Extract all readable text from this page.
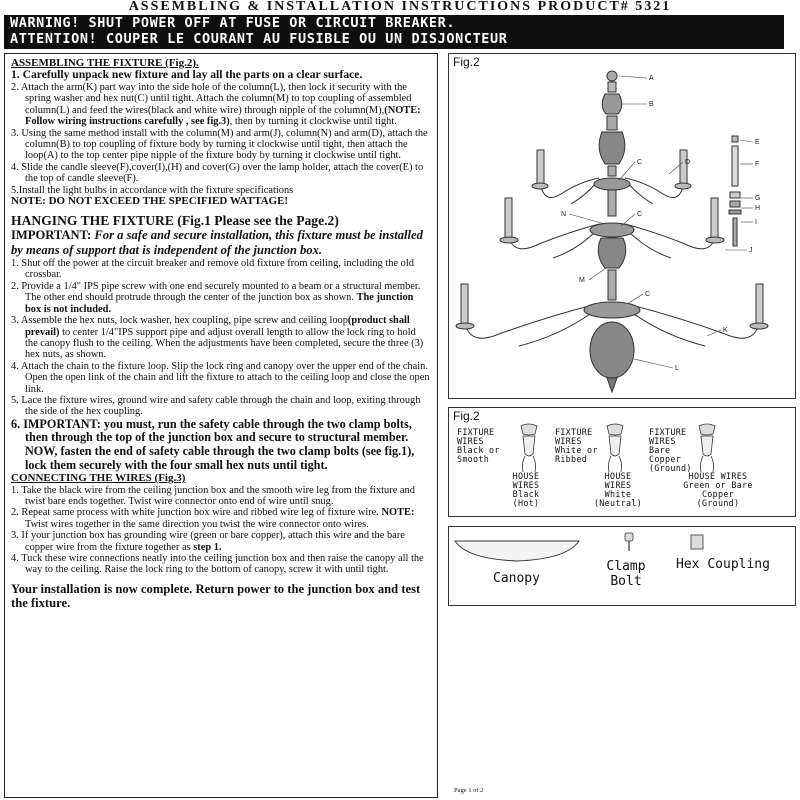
ASSEMBLING & INSTALLATION INSTRUCTIONS PRODUCT# 5321
WARNING! SHUT POWER OFF AT FUSE OR CIRCUIT BREAKER.
ATTENTION! COUPER LE COURANT AU FUSIBLE OU UN DISJONCTEUR

ASSEMBLING THE FIXTURE (Fig.2).

1. Carefully unpack new fixture and lay all the parts on a clear surface.

2. Attach the arm(K) part way into the side hole of the column(L), then lock it security with the spring washer and hex nut(C) until tight. Attach the column(M) to top coupling of assembled column(L) and feed the wires(black and white wire) through nipple of the column(M),(NOTE: Follow wiring instructions carefully , see fig.3), then by turning it clockwise until tight.

3. Using the same method install with the column(M) and arm(J), column(N) and arm(D), attach the column(B) to top coupling of fixture body by turning it clockwise until tight, then attach the loop(A) to the top center pipe nipple of the fixture body by turning it clockwise until tight.

4. Slide the candle sleeve(F),cover(I),(H) and cover(G) over the lamp holder, attach the cover(E) to the top of candle sleeve(F).

5.Install the light bulbs in accordance with the fixture specifications

NOTE: DO NOT EXCEED THE SPECIFIED WATTAGE!

HANGING THE FIXTURE (Fig.1 Please see the Page.2)

IMPORTANT: For a safe and secure installation, this fixture must be installed by means of support that is independent of the junction box.

1. Shut off the power at the circuit breaker and remove old fixture from ceiling, including the old crossbar.

2. Provide a 1/4" IPS pipe screw with one end securely mounted to a beam or a structural member. The other end should protrude through the center of the junction box as shown. The junction box is not included.

3. Assemble the hex nuts, lock washer, hex coupling, pipe screw and ceiling loop(product shall prevail) to center 1/4"IPS support pipe and adjust overall length to allow the lock ring to hold the canopy flush to the ceiling. When the adjustments have been completed, secure the three (3) hex nuts, as shown.

4. Attach the chain to the fixture loop. Slip the lock ring and canopy over the upper end of the chain. Open the open link of the chain and lift the fixture to attach to the ceiling loop and close the open link.

5. Lace the fixture wires, ground wire and safety cable through the chain and loop, exiting through the side of the hex coupling.

6. IMPORTANT: you must, run the safety cable through the two clamp bolts, then through the top of the junction box and secure to structural member. NOW, fasten the end of safety cable through the two clamp bolts (see fig.1), lock them securely with the four small hex nuts until tight.

CONNECTING THE WIRES (Fig.3)

1. Take the black wire from the ceiling junction box and the smooth wire leg from the fixture and twist bare ends together. Twist wire connector onto end of wire until snug.

2. Repeat same process with white junction box wire and ribbed wire leg of fixture wire. NOTE: Twist wires together in the same direction you twist the wire connector onto wires.

3. If your junction box has grounding wire (green or bare copper), attach this wire and the bare copper wire from the fixture together as step 1.

4. Tuck these wire connections neatly into the ceiling junction box and then raise the canopy all the way to the ceiling. Raise the lock ring to the bottom of canopy, screw it with until tight.

Your installation is now complete. Return power to the junction box and test the fixture.

Fig.2
A
B
E
F
C	D
G
H
I
N	C
J
M
C
K
L
Fig.2
FIXTURE WIRES Black or Smooth
HOUSE WIRES Black (Hot)
FIXTURE WIRES White or Ribbed
HOUSE WIRES White (Neutral)
FIXTURE WIRES Bare Copper (Ground)
HOUSE WIRES Green or Bare Copper (Ground)
Canopy
Clamp Bolt
Hex Coupling
Page 1 of 2
